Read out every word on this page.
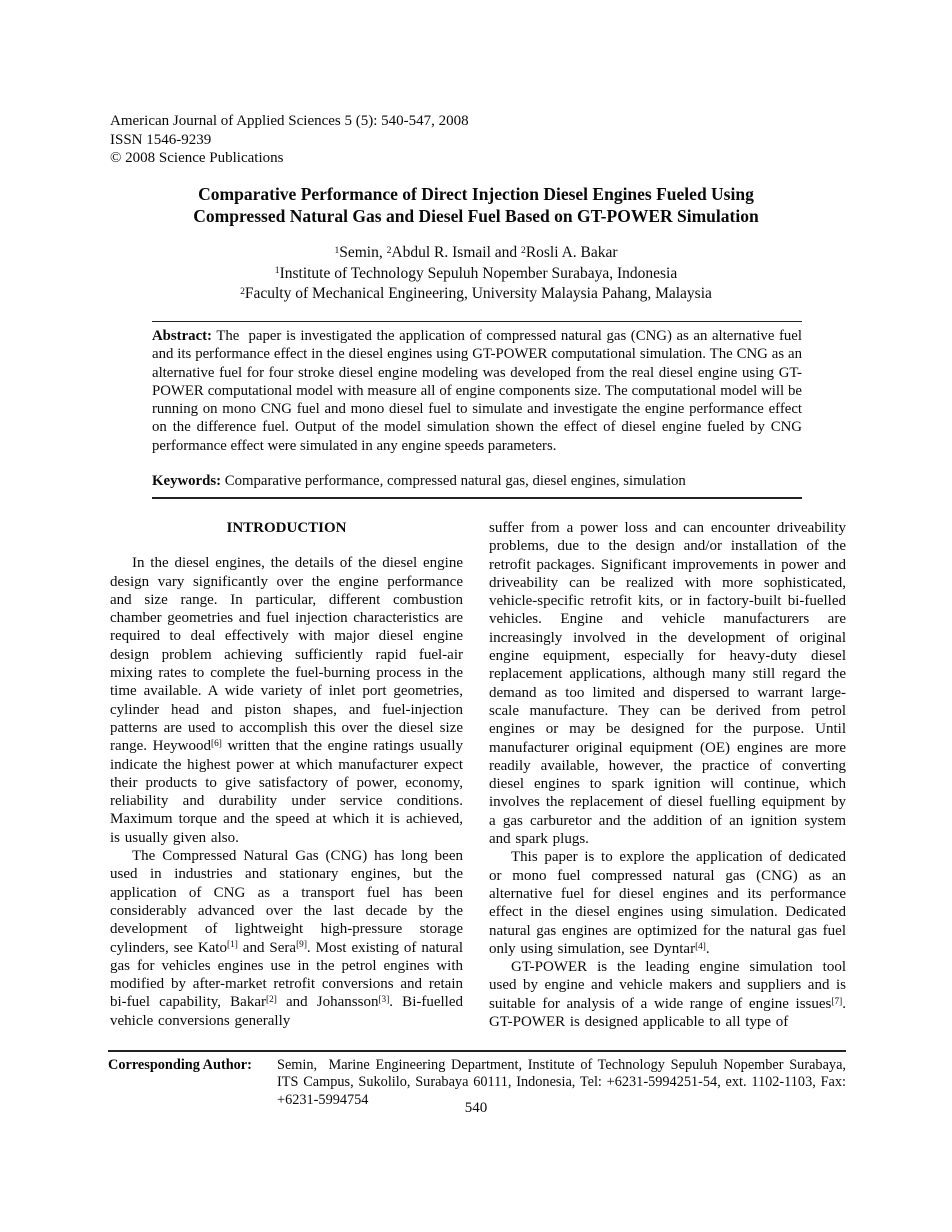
American Journal of Applied Sciences 5 (5): 540-547, 2008
ISSN 1546-9239
© 2008 Science Publications
Comparative Performance of Direct Injection Diesel Engines Fueled Using
Compressed Natural Gas and Diesel Fuel Based on GT-POWER Simulation
$^1$Semin, $^2$Abdul R. Ismail and $^2$Rosli A. Bakar
$^1$Institute of Technology Sepuluh Nopember Surabaya, Indonesia
$^2$Faculty of Mechanical Engineering, University Malaysia Pahang, Malaysia

Abstract: The  paper is investigated the application of compressed natural gas (CNG) as an alternative fuel and its performance effect in the diesel engines using GT-POWER computational simulation. The CNG as an alternative fuel for four stroke diesel engine modeling was developed from the real diesel engine using GT-POWER computational model with measure all of engine components size. The computational model will be running on mono CNG fuel and mono diesel fuel to simulate and investigate the engine performance effect on the difference fuel. Output of the model simulation shown the effect of diesel engine fueled by CNG performance effect were simulated in any engine speeds parameters.

Keywords: Comparative performance, compressed natural gas, diesel engines, simulation

INTRODUCTION

In the diesel engines, the details of the diesel engine design vary significantly over the engine performance and size range. In particular, different combustion chamber geometries and fuel injection characteristics are required to deal effectively with major diesel engine design problem achieving sufficiently rapid fuel-air mixing rates to complete the fuel-burning process in the time available. A wide variety of inlet port geometries, cylinder head and piston shapes, and fuel-injection patterns are used to accomplish this over the diesel size range. Heywood[6] written that the engine ratings usually indicate the highest power at which manufacturer expect their products to give satisfactory of power, economy, reliability and durability under service conditions. Maximum torque and the speed at which it is achieved, is usually given also.

The Compressed Natural Gas (CNG) has long been used in industries and stationary engines, but the application of CNG as a transport fuel has been considerably advanced over the last decade by the development of lightweight high-pressure storage cylinders, see Kato[1] and Sera[9]. Most existing of natural gas for vehicles engines use in the petrol engines with modified by after-market retrofit conversions and retain bi-fuel capability, Bakar[2] and Johansson[3]. Bi-fuelled vehicle conversions generally

suffer from a power loss and can encounter driveability problems, due to the design and/or installation of the retrofit packages. Significant improvements in power and driveability can be realized with more sophisticated, vehicle-specific retrofit kits, or in factory-built bi-fuelled vehicles. Engine and vehicle manufacturers are increasingly involved in the development of original engine equipment, especially for heavy-duty diesel replacement applications, although many still regard the demand as too limited and dispersed to warrant large-scale manufacture. They can be derived from petrol engines or may be designed for the purpose. Until manufacturer original equipment (OE) engines are more readily available, however, the practice of converting diesel engines to spark ignition will continue, which involves the replacement of diesel fuelling equipment by a gas carburetor and the addition of an ignition system and spark plugs.

This paper is to explore the application of dedicated or mono fuel compressed natural gas (CNG) as an alternative fuel for diesel engines and its performance effect in the diesel engines using simulation. Dedicated natural gas engines are optimized for the natural gas fuel only using simulation, see Dyntar[4].

GT-POWER is the leading engine simulation tool used by engine and vehicle makers and suppliers and is suitable for analysis of a wide range of engine issues[7]. GT-POWER is designed applicable to all type of

Corresponding Author:	Semin,  Marine Engineering Department, Institute of Technology Sepuluh Nopember Surabaya, ITS Campus, Sukolilo, Surabaya 60111, Indonesia, Tel: +6231-5994251-54, ext. 1102-1103, Fax: +6231-5994754
540
